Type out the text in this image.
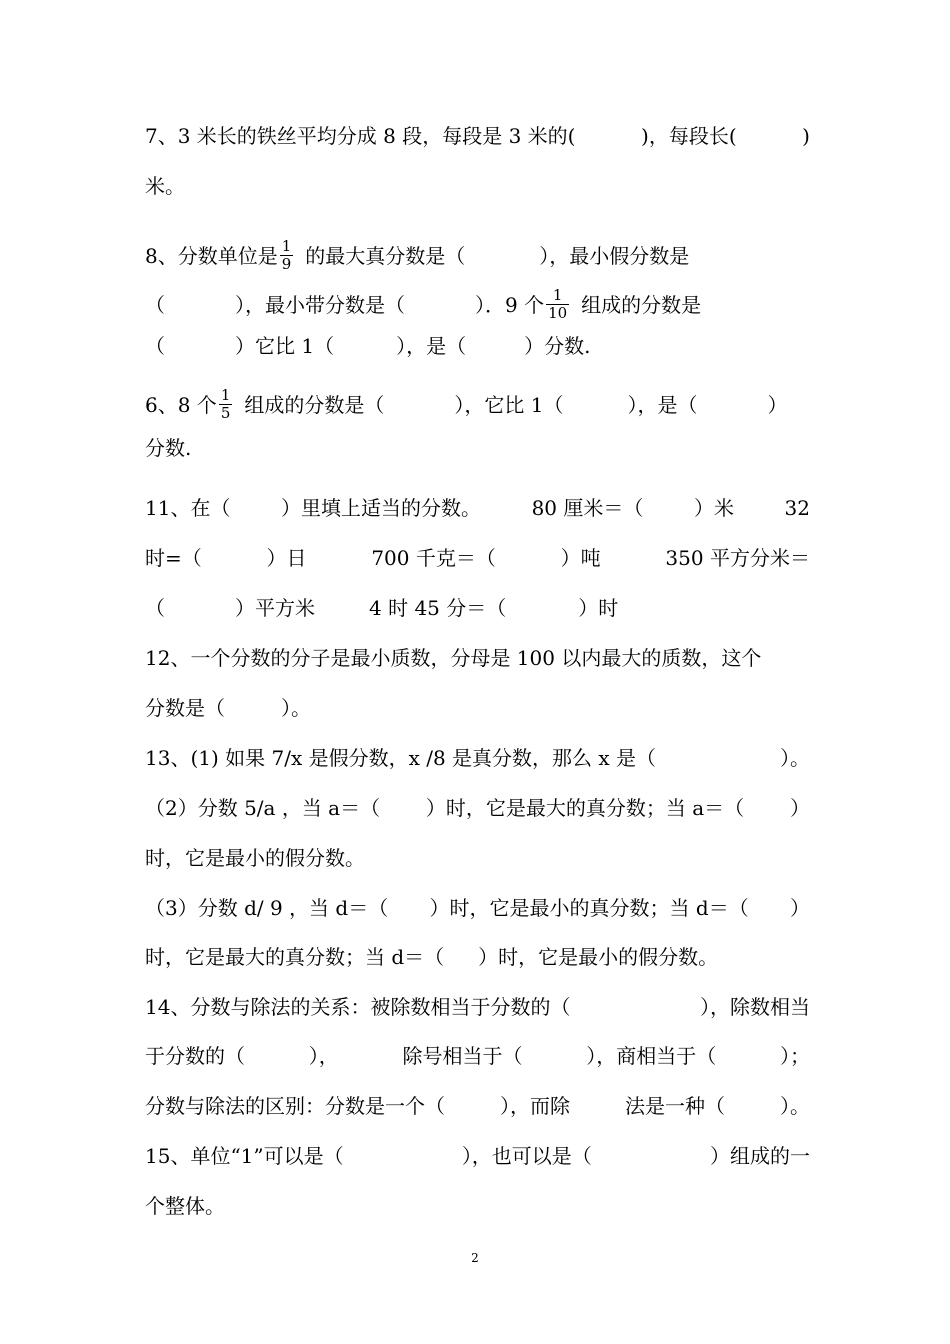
7、3 米长的铁丝平均分成 8 段，每段是 3 米的(	)，每段长(	)
米。
8、分数单位是 $\frac{1}{9}$ 的最大真分数是（	），最小假分数是
（	），最小带分数是（	）．9 个 $\frac{1}{10}$ 组成的分数是
（	）它比 1（	），是（	）分数.
6、8 个 $\frac{1}{5}$ 组成的分数是（	），它比 1（	），是（	）
分数.
11、在（	）里填上适当的分数。	80 厘米＝（	）米	32
时=（	）日	700 千克＝（	）吨	350 平方分米＝
（	）平方米	4 时 45 分＝（	）时
12、一个分数的分子是最小质数，分母是 100 以内最大的质数，这个
分数是（	）。
13、(1) 如果 7/x 是假分数，x /8 是真分数，那么 x 是（	）。
（2）分数 5/a ，当 a＝（ ）时，它是最大的真分数；当 a＝（ ）
时，它是最小的假分数。
（3）分数 d/ 9 ，当 d＝（ ）时，它是最小的真分数；当 d＝（ ）
时，它是最大的真分数；当 d＝（ ）时，它是最小的假分数。
14、分数与除法的关系：被除数相当于分数的（	），除数相当
于分数的（	），	除号相当于（	），商相当于（	）；
分数与除法的区别：分数是一个（	），而除	法是一种（	）。
15、单位“1”可以是（	），也可以是（	）组成的一
个整体。
2
